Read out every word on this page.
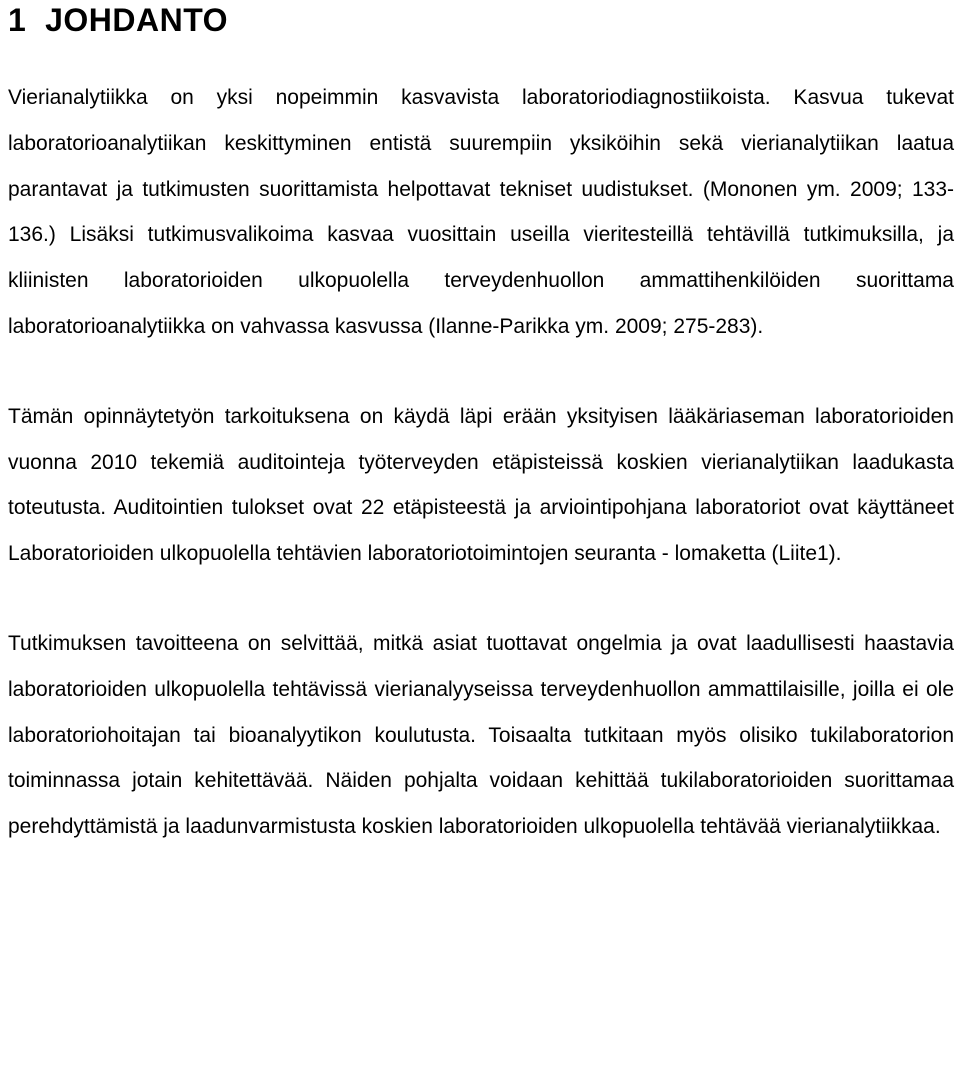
1 JOHDANTO

Vierianalytiikka on yksi nopeimmin kasvavista laboratoriodiagnostiikoista. Kasvua tukevat laboratorioanalytiikan keskittyminen entistä suurempiin yksiköihin sekä vierianalytiikan laatua parantavat ja tutkimusten suorittamista helpottavat tekniset uudistukset. (Mononen ym. 2009; 133-136.) Lisäksi tutkimusvalikoima kasvaa vuosittain useilla vieritesteillä tehtävillä tutkimuksilla, ja kliinisten laboratorioiden ulkopuolella terveydenhuollon ammattihenkilöiden suorittama laboratorioanalytiikka on vahvassa kasvussa (Ilanne-Parikka ym. 2009; 275-283).

Tämän opinnäytetyön tarkoituksena on käydä läpi erään yksityisen lääkäriaseman laboratorioiden vuonna 2010 tekemiä auditointeja työterveyden etäpisteissä koskien vierianalytiikan laadukasta toteutusta. Auditointien tulokset ovat 22 etäpisteestä ja arviointipohjana laboratoriot ovat käyttäneet Laboratorioiden ulkopuolella tehtävien laboratoriotoimintojen seuranta - lomaketta (Liite1).

Tutkimuksen tavoitteena on selvittää, mitkä asiat tuottavat ongelmia ja ovat laadullisesti haastavia laboratorioiden ulkopuolella tehtävissä vierianalyyseissa terveydenhuollon ammattilaisille, joilla ei ole laboratoriohoitajan tai bioanalyytikon koulutusta. Toisaalta tutkitaan myös olisiko tukilaboratorion toiminnassa jotain kehitettävää. Näiden pohjalta voidaan kehittää tukilaboratorioiden suorittamaa perehdyttämistä ja laadunvarmistusta koskien laboratorioiden ulkopuolella tehtävää vierianalytiikkaa.
